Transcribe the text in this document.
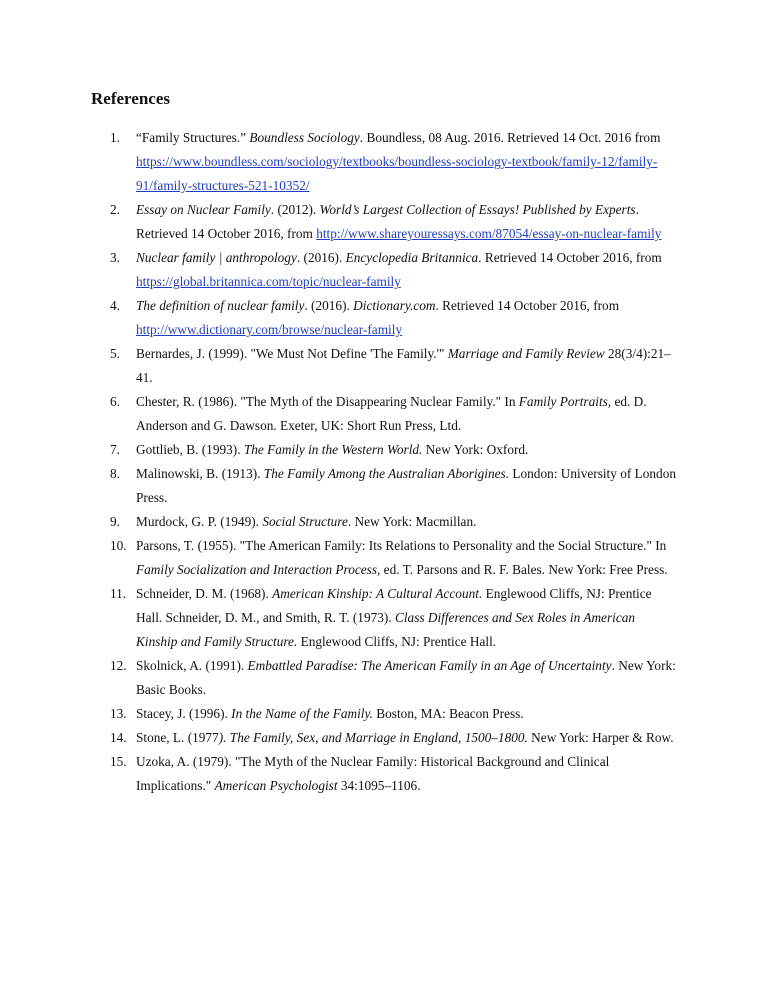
References
1.	“Family Structures.” Boundless Sociology. Boundless, 08 Aug. 2016. Retrieved 14 Oct. 2016 from https://www.boundless.com/sociology/textbooks/boundless-sociology-textbook/family-12/family-91/family-structures-521-10352/
2.	Essay on Nuclear Family. (2012). World’s Largest Collection of Essays! Published by Experts. Retrieved 14 October 2016, from http://www.shareyouressays.com/87054/essay-on-nuclear-family
3.	Nuclear family | anthropology. (2016). Encyclopedia Britannica. Retrieved 14 October 2016, from https://global.britannica.com/topic/nuclear-family
4.	The definition of nuclear family. (2016). Dictionary.com. Retrieved 14 October 2016, from http://www.dictionary.com/browse/nuclear-family
5.	Bernardes, J. (1999). "We Must Not Define 'The Family.'" Marriage and Family Review 28(3/4):21–41.
6.	Chester, R. (1986). "The Myth of the Disappearing Nuclear Family." In Family Portraits, ed. D. Anderson and G. Dawson. Exeter, UK: Short Run Press, Ltd.
7.	Gottlieb, B. (1993). The Family in the Western World. New York: Oxford.
8.	Malinowski, B. (1913). The Family Among the Australian Aborigines. London: University of London Press.
9.	Murdock, G. P. (1949). Social Structure. New York: Macmillan.
10. Parsons, T. (1955). "The American Family: Its Relations to Personality and the Social Structure." In Family Socialization and Interaction Process, ed. T. Parsons and R. F. Bales. New York: Free Press.
11. Schneider, D. M. (1968). American Kinship: A Cultural Account. Englewood Cliffs, NJ: Prentice Hall. Schneider, D. M., and Smith, R. T. (1973). Class Differences and Sex Roles in American Kinship and Family Structure. Englewood Cliffs, NJ: Prentice Hall.
12. Skolnick, A. (1991). Embattled Paradise: The American Family in an Age of Uncertainty. New York: Basic Books.
13. Stacey, J. (1996). In the Name of the Family. Boston, MA: Beacon Press.
14. Stone, L. (1977). The Family, Sex, and Marriage in England, 1500–1800. New York: Harper & Row.
15. Uzoka, A. (1979). "The Myth of the Nuclear Family: Historical Background and Clinical Implications." American Psychologist 34:1095–1106.
